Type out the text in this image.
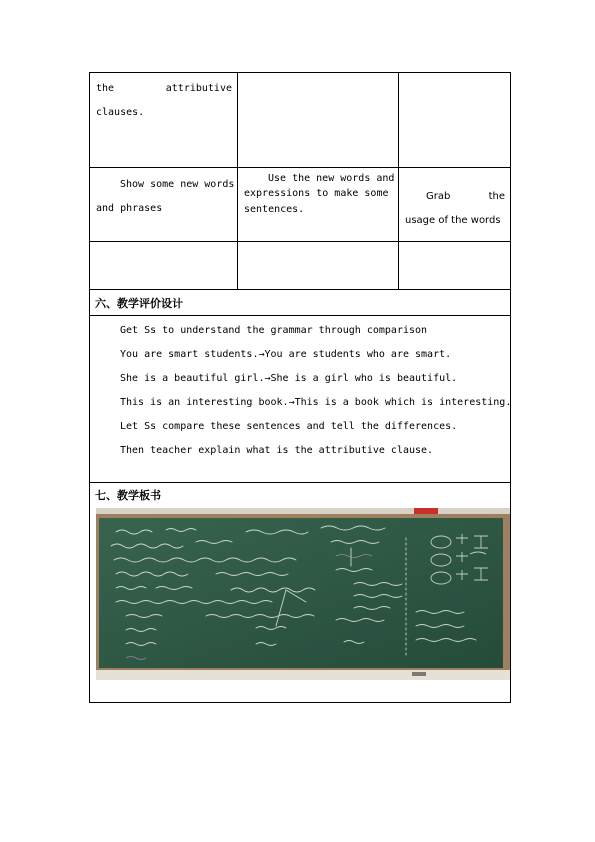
the	attributive
clauses.
Show some new words
and phrases
Use the new words and
expressions to make some
sentences.
Grab	the
usage of the words
六、教学评价设计
Get Ss to understand the grammar through comparison
You are smart students.→You are students who are smart.
She is a beautiful girl.→She is a girl who is beautiful.
This is an interesting book.→This is a book which is interesting.
Let Ss compare these sentences and tell the differences.
Then teacher explain what is the attributive clause.
七、教学板书
